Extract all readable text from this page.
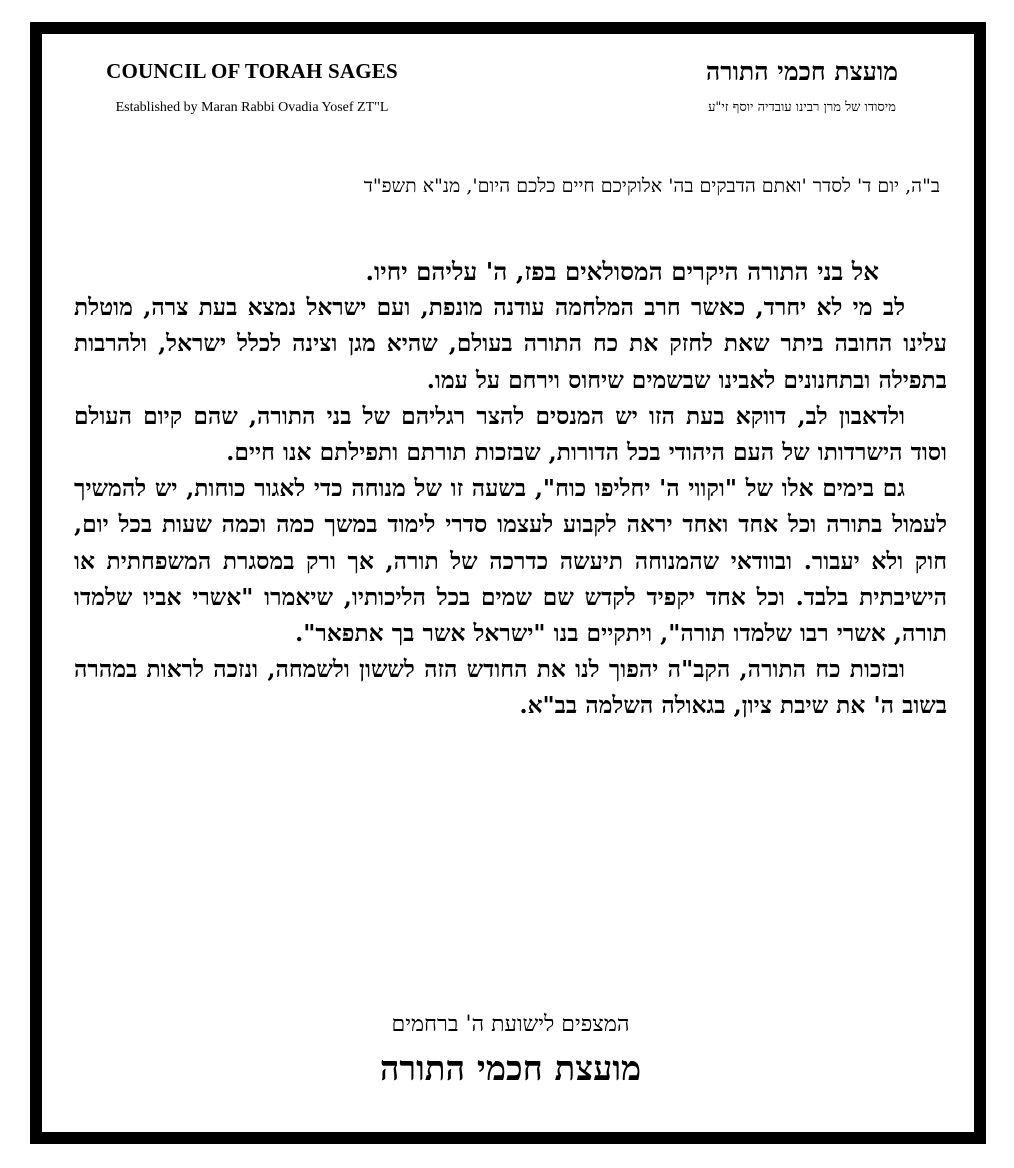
COUNCIL OF TORAH SAGES
Established by Maran Rabbi Ovadia Yosef ZT"L
מועצת חכמי התורה
מיסודו של מרן רבינו עובדיה יוסף זי"ע
ב"ה, יום ד' לסדר 'ואתם הדבקים בה' אלוקיכם חיים כלכם היום', מנ"א תשפ"ד
אל בני התורה היקרים המסולאים בפז, ה' עליהם יחיו.
לב מי לא יחרד, כאשר חרב המלחמה עודנה מונפת, ועם ישראל נמצא בעת צרה, מוטלת עלינו החובה ביתר שאת לחזק את כח התורה בעולם, שהיא מגן וצינה לכלל ישראל, ולהרבות בתפילה ובתחנונים לאבינו שבשמים שיחוס וירחם על עמו.
ולדאבון לב, דווקא בעת הזו יש המנסים להצר רגליהם של בני התורה, שהם קיום העולם וסוד הישרדותו של העם היהודי בכל הדורות, שבזכות תורתם ותפילתם אנו חיים.
גם בימים אלו של "וקווי ה' יחליפו כוח", בשעה זו של מנוחה כדי לאגור כוחות, יש להמשיך לעמול בתורה וכל אחד ואחד יראה לקבוע לעצמו סדרי לימוד במשך כמה וכמה שעות בכל יום, חוק ולא יעבור. ובוודאי שהמנוחה תיעשה כדרכה של תורה, אך ורק במסגרת המשפחתית או הישיבתית בלבד. וכל אחד יקפיד לקדש שם שמים בכל הליכותיו, שיאמרו "אשרי אביו שלמדו תורה, אשרי רבו שלמדו תורה", ויתקיים בנו "ישראל אשר בך אתפאר".
ובזכות כח התורה, הקב"ה יהפוך לנו את החודש הזה לששון ולשמחה, ונזכה לראות במהרה בשוב ה' את שיבת ציון, בגאולה השלמה בב"א.
המצפים לישועת ה' ברחמים
מועצת חכמי התורה
